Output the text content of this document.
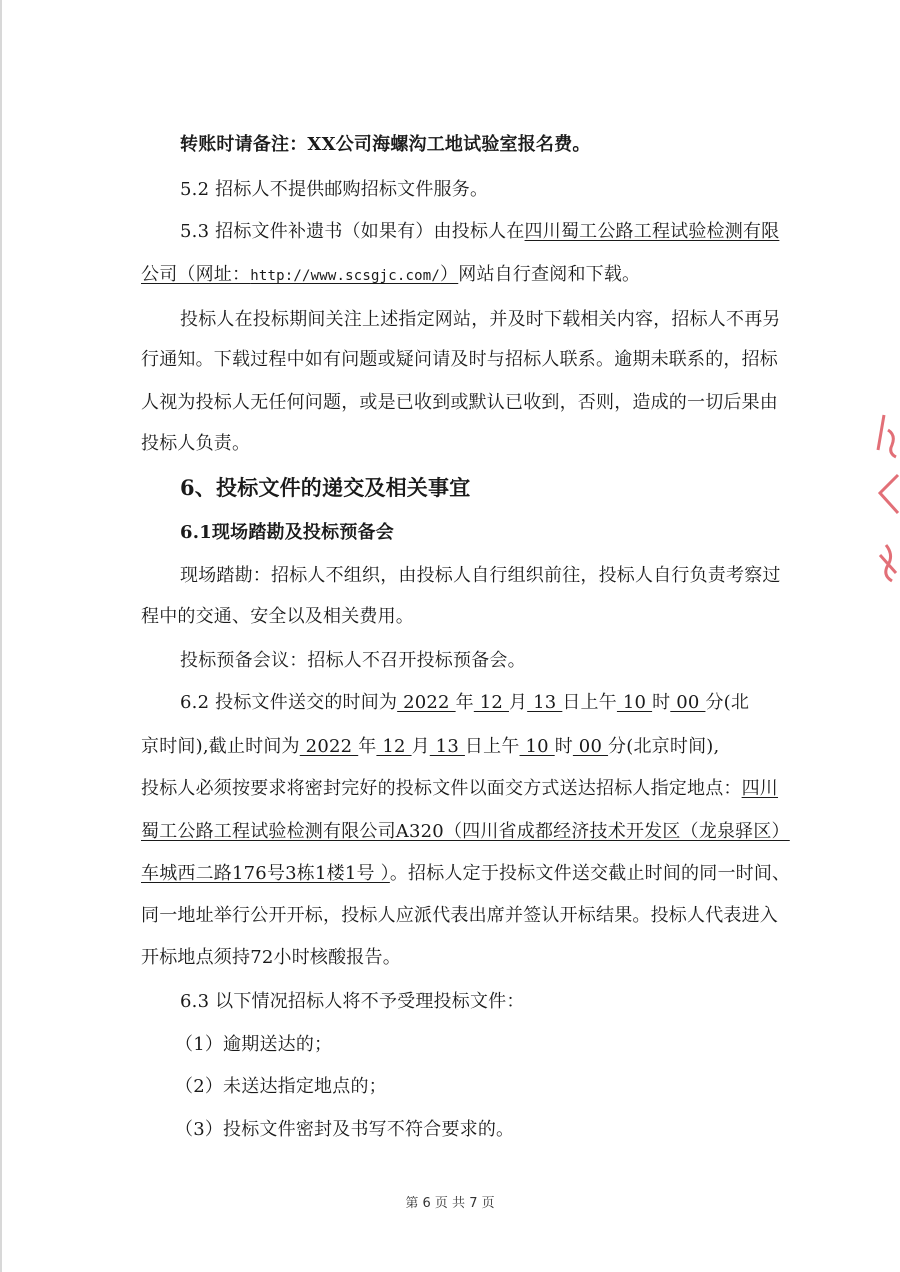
转账时请备注：XX公司海螺沟工地试验室报名费。
5.2 招标人不提供邮购招标文件服务。
5.3 招标文件补遗书（如果有）由投标人在四川蜀工公路工程试验检测有限
公司（网址：http://www.scsgjc.com/）网站自行查阅和下载。
投标人在投标期间关注上述指定网站，并及时下载相关内容，招标人不再另
行通知。下载过程中如有问题或疑问请及时与招标人联系。逾期未联系的，招标
人视为投标人无任何问题，或是已收到或默认已收到，否则，造成的一切后果由
投标人负责。
6、投标文件的递交及相关事宜
6.1现场踏勘及投标预备会
现场踏勘：招标人不组织，由投标人自行组织前往，投标人自行负责考察过
程中的交通、安全以及相关费用。
投标预备会议：招标人不召开投标预备会。
6.2 投标文件送交的时间为 2022 年 12 月 13 日上午 10 时 00 分(北
京时间),截止时间为 2022 年 12 月 13 日上午 10 时 00 分(北京时间),
投标人必须按要求将密封完好的投标文件以面交方式送达招标人指定地点：四川
蜀工公路工程试验检测有限公司A320（四川省成都经济技术开发区（龙泉驿区）
车城西二路176号3栋1楼1号 ）。招标人定于投标文件送交截止时间的同一时间、
同一地址举行公开开标，投标人应派代表出席并签认开标结果。投标人代表进入
开标地点须持72小时核酸报告。
6.3 以下情况招标人将不予受理投标文件：
（1）逾期送达的；
（2）未送达指定地点的；
（3）投标文件密封及书写不符合要求的。
第 6 页 共 7 页
